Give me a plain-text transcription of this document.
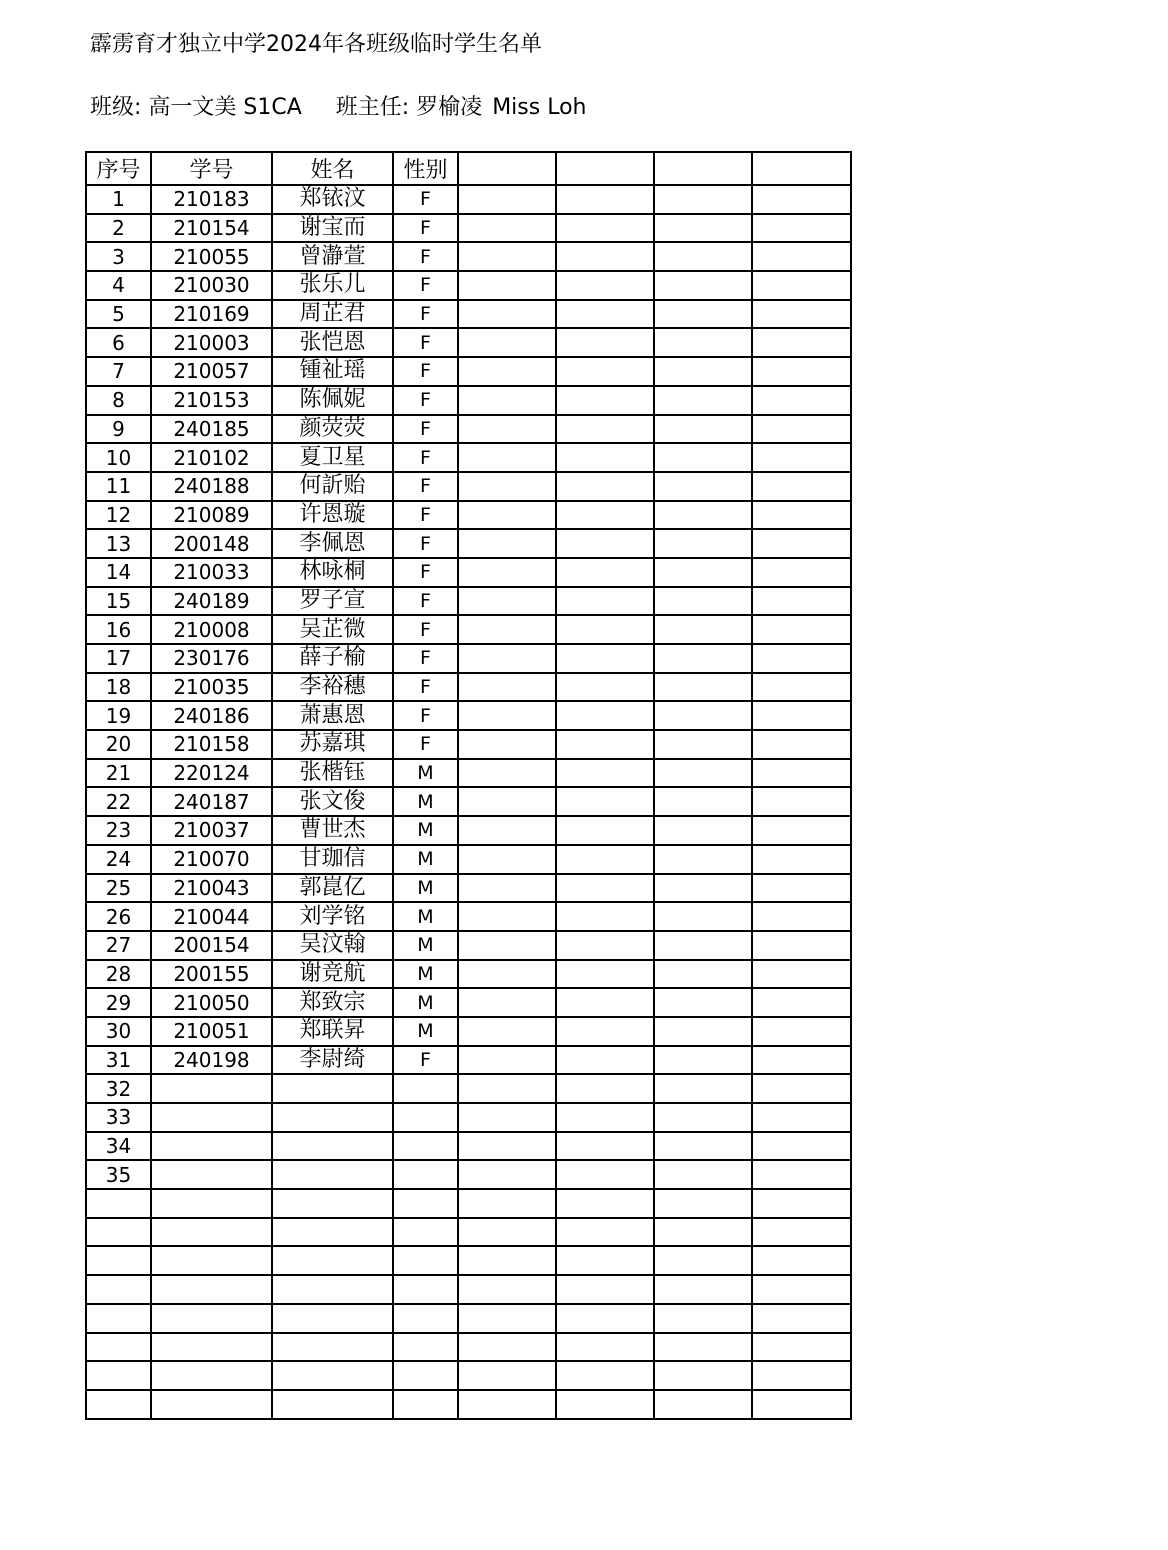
霹雳育才独立中学2024年各班级临时学生名单
班级: 高一文美 S1CA 班主任: 罗榆凌 Miss Loh
序号	学号	姓名	性别				
1	210183	郑铱汶	F				
2	210154	谢宝而	F				
3	210055	曾瀞萱	F				
4	210030	张乐儿	F				
5	210169	周芷君	F				
6	210003	张恺恩	F				
7	210057	锺祉瑶	F				
8	210153	陈佩妮	F				
9	240185	颜荧荧	F				
10	210102	夏卫星	F				
11	240188	何訢贻	F				
12	210089	许恩璇	F				
13	200148	李佩恩	F				
14	210033	林咏桐	F				
15	240189	罗子宣	F				
16	210008	吴芷微	F				
17	230176	薛子榆	F				
18	210035	李裕穗	F				
19	240186	萧惠恩	F				
20	210158	苏嘉琪	F				
21	220124	张楷钰	M				
22	240187	张文俊	M				
23	210037	曹世杰	M				
24	210070	甘珈信	M				
25	210043	郭崑亿	M				
26	210044	刘学铭	M				
27	200154	吴汶翰	M				
28	200155	谢竞航	M				
29	210050	郑致宗	M				
30	210051	郑联昇	M				
31	240198	李尉绮	F				
32							
33							
34							
35							
